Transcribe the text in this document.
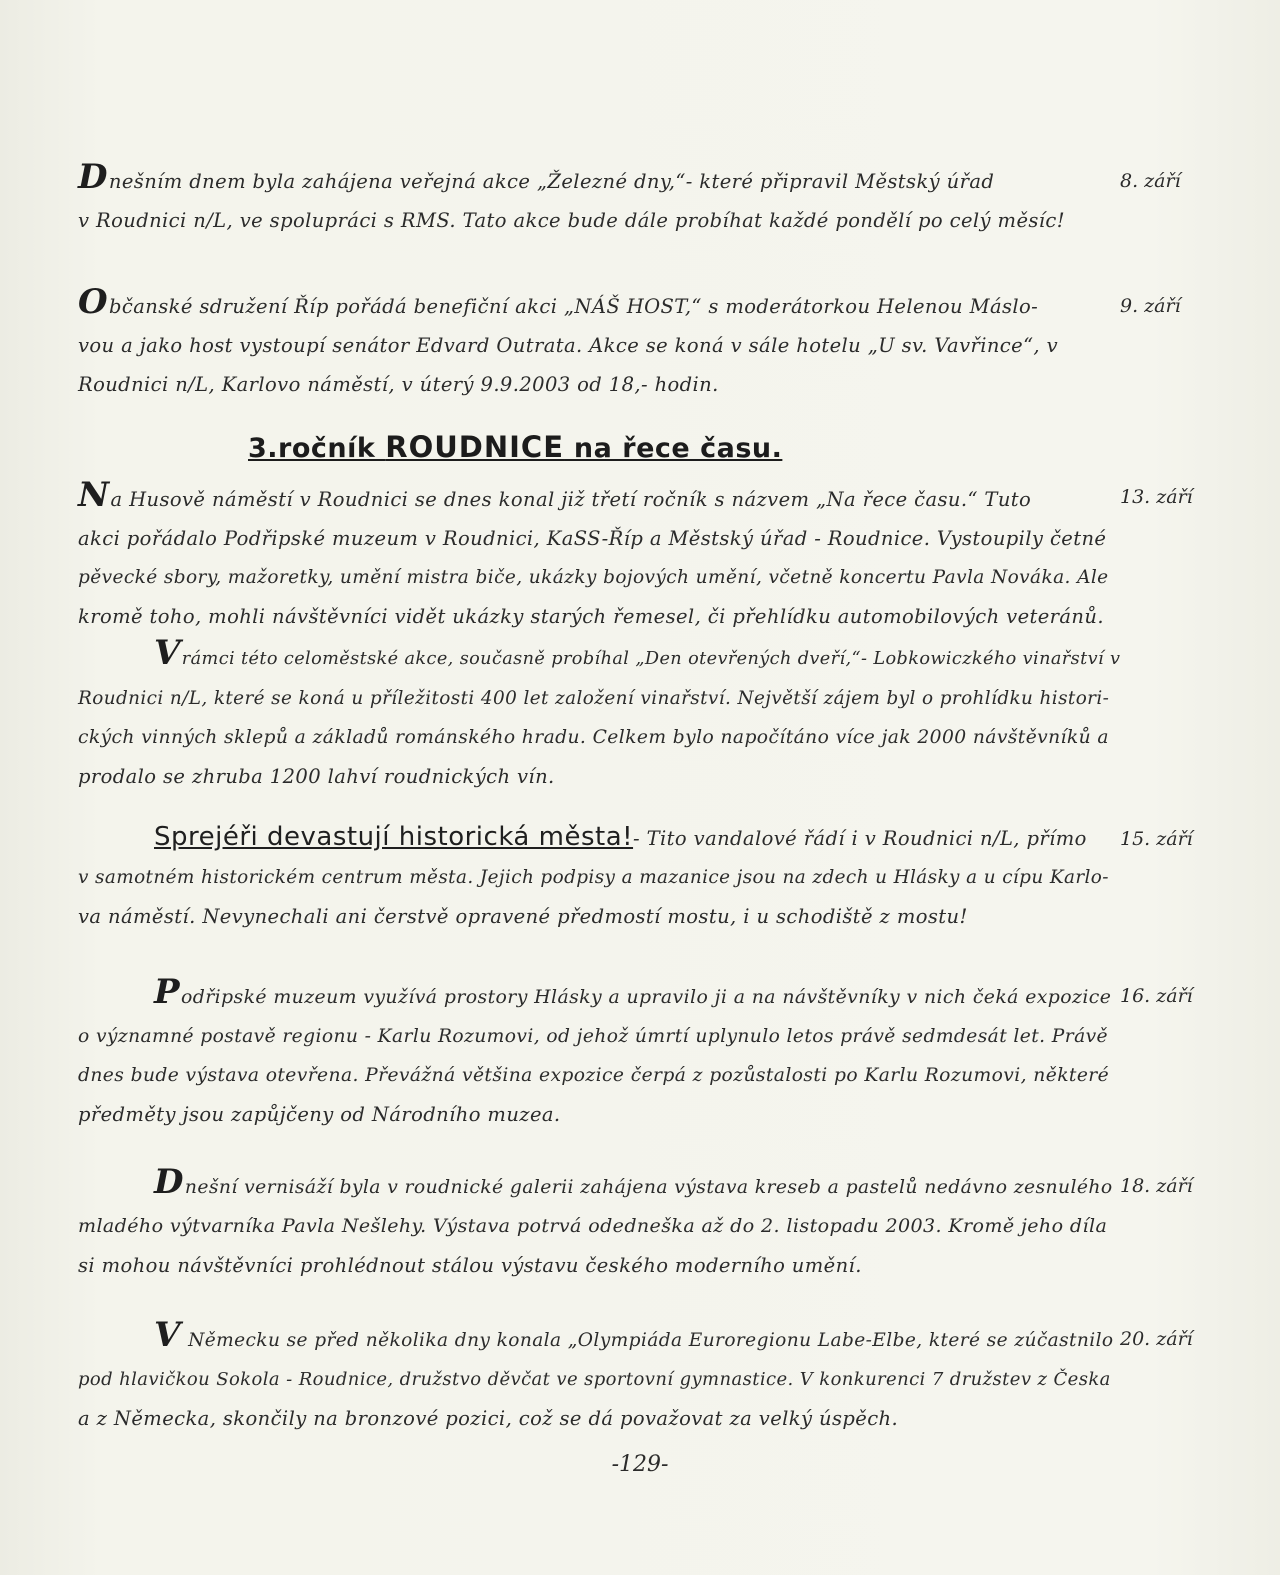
Dnešním dnem byla zahájena veřejná akce „Železné dny,“- které připravil Městský úřad
v Roudnici n/L, ve spolupráci s RMS. Tato akce bude dále probíhat každé pondělí po celý měsíc!
8. září
Občanské sdružení Říp pořádá benefiční akci „NÁŠ HOST,“ s moderátorkou Helenou Máslo-
vou a jako host vystoupí senátor Edvard Outrata. Akce se koná v sále hotelu „U sv. Vavřince“, v
Roudnici n/L, Karlovo náměstí, v úterý 9.9.2003 od 18,- hodin.
9. září
3.ročník ROUDNICE na řece času.
Na Husově náměstí v Roudnici se dnes konal již třetí ročník s názvem „Na řece času.“ Tuto
akci pořádalo Podřipské muzeum v Roudnici, KaSS-Říp a Městský úřad - Roudnice. Vystoupily četné
pěvecké sbory, mažoretky, umění mistra biče, ukázky bojových umění, včetně koncertu Pavla Nováka. Ale
kromě toho, mohli návštěvníci vidět ukázky starých řemesel, či přehlídku automobilových veteránů.
Vrámci této celoměstské akce, současně probíhal „Den otevřených dveří,“- Lobkowiczkého vinařství v
Roudnici n/L, které se koná u příležitosti 400 let založení vinařství. Největší zájem byl o prohlídku histori-
ckých vinných sklepů a základů románského hradu. Celkem bylo napočítáno více jak 2000 návštěvníků a
prodalo se zhruba 1200 lahví roudnických vín.
13. září
Sprejéři devastují historická města!- Tito vandalové řádí i v Roudnici n/L, přímo
v samotném historickém centrum města. Jejich podpisy a mazanice jsou na zdech u Hlásky a u cípu Karlo-
va náměstí. Nevynechali ani čerstvě opravené předmostí mostu, i u schodiště z mostu!
15. září
Podřipské muzeum využívá prostory Hlásky a upravilo ji a na návštěvníky v nich čeká expozice
o významné postavě regionu - Karlu Rozumovi, od jehož úmrtí uplynulo letos právě sedmdesát let. Právě
dnes bude výstava otevřena. Převážná většina expozice čerpá z pozůstalosti po Karlu Rozumovi, některé
předměty jsou zapůjčeny od Národního muzea.
16. září
Dnešní vernisáží byla v roudnické galerii zahájena výstava kreseb a pastelů nedávno zesnulého
mladého výtvarníka Pavla Nešlehy. Výstava potrvá odedneška až do 2. listopadu 2003. Kromě jeho díla
si mohou návštěvníci prohlédnout stálou výstavu českého moderního umění.
18. září
V Německu se před několika dny konala „Olympiáda Euroregionu Labe-Elbe, které se zúčastnilo
pod hlavičkou Sokola - Roudnice, družstvo děvčat ve sportovní gymnastice. V konkurenci 7 družstev z Česka
a z Německa, skončily na bronzové pozici, což se dá považovat za velký úspěch.
20. září
-129-
